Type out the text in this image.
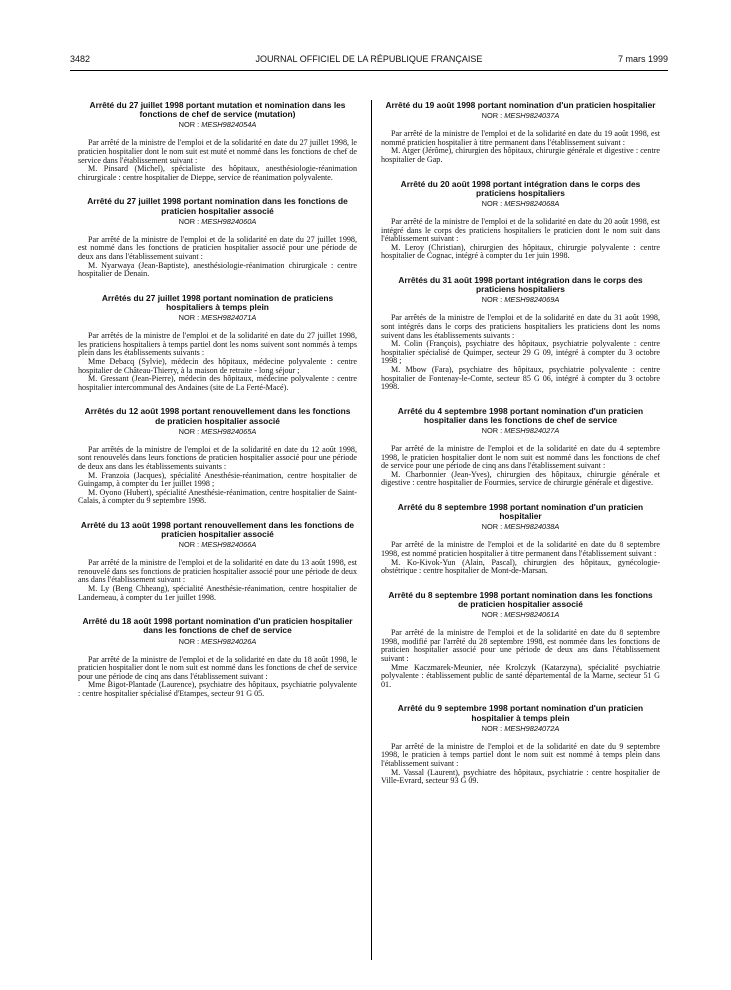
3482	JOURNAL OFFICIEL DE LA RÉPUBLIQUE FRANÇAISE	7 mars 1999
Arrêté du 27 juillet 1998 portant mutation et nomination dans les fonctions de chef de service (mutation)
NOR : MESH9824054A

Par arrêté de la ministre de l'emploi et de la solidarité en date du 27 juillet 1998, le praticien hospitalier dont le nom suit est muté et nommé dans les fonctions de chef de service dans l'établissement suivant :

M. Pinsard (Michel), spécialiste des hôpitaux, anesthésiologie-réanimation chirurgicale : centre hospitalier de Dieppe, service de réanimation polyvalente.

Arrêté du 27 juillet 1998 portant nomination dans les fonctions de praticien hospitalier associé
NOR : MESH9824060A

Par arrêté de la ministre de l'emploi et de la solidarité en date du 27 juillet 1998, est nommé dans les fonctions de praticien hospitalier associé pour une période de deux ans dans l'établissement suivant :

M. Nyarwaya (Jean-Baptiste), anesthésiologie-réanimation chirurgicale : centre hospitalier de Denain.

Arrêtés du 27 juillet 1998 portant nomination de praticiens hospitaliers à temps plein
NOR : MESH9824071A

Par arrêtés de la ministre de l'emploi et de la solidarité en date du 27 juillet 1998, les praticiens hospitaliers à temps partiel dont les noms suivent sont nommés à temps plein dans les établissements suivants :

Mme Debacq (Sylvie), médecin des hôpitaux, médecine polyvalente : centre hospitalier de Château-Thierry, à la maison de retraite - long séjour ;

M. Gressant (Jean-Pierre), médecin des hôpitaux, médecine polyvalente : centre hospitalier intercommunal des Andaines (site de La Ferté-Macé).

Arrêtés du 12 août 1998 portant renouvellement dans les fonctions de praticien hospitalier associé
NOR : MESH9824065A

Par arrêtés de la ministre de l'emploi et de la solidarité en date du 12 août 1998, sont renouvelés dans leurs fonctions de praticien hospitalier associé pour une période de deux ans dans les établissements suivants :

M. Franzoia (Jacques), spécialité Anesthésie-réanimation, centre hospitalier de Guingamp, à compter du 1er juillet 1998 ;

M. Oyono (Hubert), spécialité Anesthésie-réanimation, centre hospitalier de Saint-Calais, à compter du 9 septembre 1998.

Arrêté du 13 août 1998 portant renouvellement dans les fonctions de praticien hospitalier associé
NOR : MESH9824066A

Par arrêté de la ministre de l'emploi et de la solidarité en date du 13 août 1998, est renouvelé dans ses fonctions de praticien hospitalier associé pour une période de deux ans dans l'établissement suivant :

M. Ly (Beng Chheang), spécialité Anesthésie-réanimation, centre hospitalier de Landerneau, à compter du 1er juillet 1998.

Arrêté du 18 août 1998 portant nomination d'un praticien hospitalier dans les fonctions de chef de service
NOR : MESH9824026A

Par arrêté de la ministre de l'emploi et de la solidarité en date du 18 août 1998, le praticien hospitalier dont le nom suit est nommé dans les fonctions de chef de service pour une période de cinq ans dans l'établissement suivant :

Mme Bigot-Plantade (Laurence), psychiatre des hôpitaux, psychiatrie polyvalente : centre hospitalier spécialisé d'Etampes, secteur 91 G 05.

Arrêté du 19 août 1998 portant nomination d'un praticien hospitalier
NOR : MESH9824037A

Par arrêté de la ministre de l'emploi et de la solidarité en date du 19 août 1998, est nommé praticien hospitalier à titre permanent dans l'établissement suivant :

M. Atger (Jérôme), chirurgien des hôpitaux, chirurgie générale et digestive : centre hospitalier de Gap.

Arrêté du 20 août 1998 portant intégration dans le corps des praticiens hospitaliers
NOR : MESH9824068A

Par arrêté de la ministre de l'emploi et de la solidarité en date du 20 août 1998, est intégré dans le corps des praticiens hospitaliers le praticien dont le nom suit dans l'établissement suivant :

M. Leroy (Christian), chirurgien des hôpitaux, chirurgie polyvalente : centre hospitalier de Cognac, intégré à compter du 1er juin 1998.

Arrêtés du 31 août 1998 portant intégration dans le corps des praticiens hospitaliers
NOR : MESH9824069A

Par arrêtés de la ministre de l'emploi et de la solidarité en date du 31 août 1998, sont intégrés dans le corps des praticiens hospitaliers les praticiens dont les noms suivent dans les établissements suivants :

M. Colin (François), psychiatre des hôpitaux, psychiatrie polyvalente : centre hospitalier spécialisé de Quimper, secteur 29 G 09, intégré à compter du 3 octobre 1998 ;

M. Mbow (Fara), psychiatre des hôpitaux, psychiatrie polyvalente : centre hospitalier de Fontenay-le-Comte, secteur 85 G 06, intégré à compter du 3 octobre 1998.

Arrêté du 4 septembre 1998 portant nomination d'un praticien hospitalier dans les fonctions de chef de service
NOR : MESH9824027A

Par arrêté de la ministre de l'emploi et de la solidarité en date du 4 septembre 1998, le praticien hospitalier dont le nom suit est nommé dans les fonctions de chef de service pour une période de cinq ans dans l'établissement suivant :

M. Charbonnier (Jean-Yves), chirurgien des hôpitaux, chirurgie générale et digestive : centre hospitalier de Fourmies, service de chirurgie générale et digestive.

Arrêté du 8 septembre 1998 portant nomination d'un praticien hospitalier
NOR : MESH9824038A

Par arrêté de la ministre de l'emploi et de la solidarité en date du 8 septembre 1998, est nommé praticien hospitalier à titre permanent dans l'établissement suivant :

M. Ko-Kivok-Yun (Alain, Pascal), chirurgien des hôpitaux, gynécologie-obstétrique : centre hospitalier de Mont-de-Marsan.

Arrêté du 8 septembre 1998 portant nomination dans les fonctions de praticien hospitalier associé
NOR : MESH9824061A

Par arrêté de la ministre de l'emploi et de la solidarité en date du 8 septembre 1998, modifié par l'arrêté du 28 septembre 1998, est nommée dans les fonctions de praticien hospitalier associé pour une période de deux ans dans l'établissement suivant :

Mme Kaczmarek-Meunier, née Krolczyk (Katarzyna), spécialité psychiatrie polyvalente : établissement public de santé départemental de la Marne, secteur 51 G 01.

Arrêté du 9 septembre 1998 portant nomination d'un praticien hospitalier à temps plein
NOR : MESH9824072A

Par arrêté de la ministre de l'emploi et de la solidarité en date du 9 septembre 1998, le praticien à temps partiel dont le nom suit est nommé à temps plein dans l'établissement suivant :

M. Vassal (Laurent), psychiatre des hôpitaux, psychiatrie : centre hospitalier de Ville-Evrard, secteur 93 G 09.
